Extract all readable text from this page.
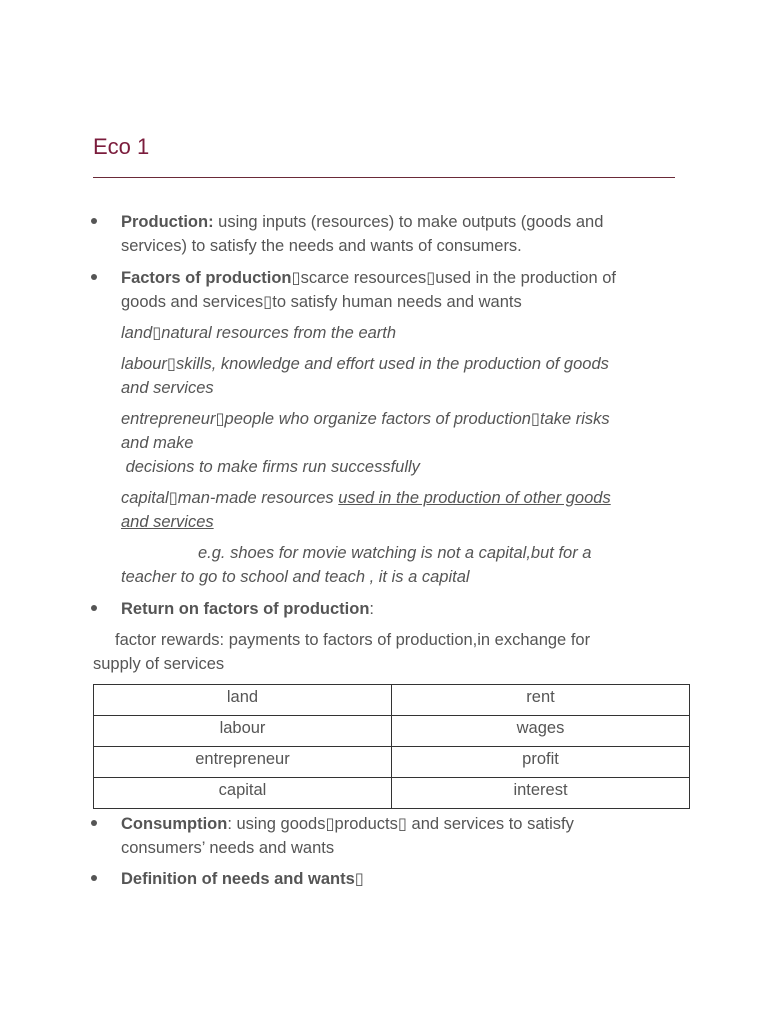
Eco 1
Production: using inputs (resources) to make outputs (goods and
services) to satisfy the needs and wants of consumers.
Factors of production▯scarce resources▯used in the production of
goods and services▯to satisfy human needs and wants
land▯natural resources from the earth
labour▯skills, knowledge and effort used in the production of goods
and services
entrepreneur▯people who organize factors of production▯take risks
and make
decisions to make firms run successfully
capital▯man-made resources used in the production of other goods
and services
e.g. shoes for movie watching is not a capital,but for a
teacher to go to school and teach , it is a capital
Return on factors of production:
factor rewards: payments to factors of production,in exchange for
supply of services
land	rent
labour	wages
entrepreneur	profit
capital	interest
Consumption: using goods▯products▯ and services to satisfy
consumers’ needs and wants
Definition of needs and wants▯
